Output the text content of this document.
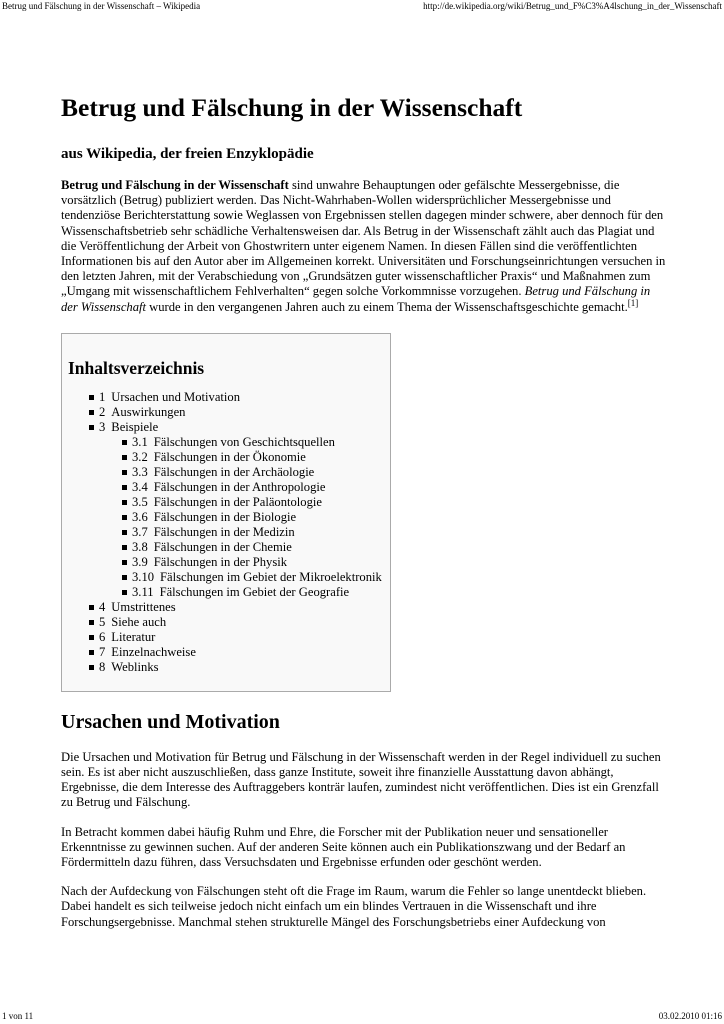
Betrug und Fälschung in der Wissenschaft – Wikipedia	http://de.wikipedia.org/wiki/Betrug_und_F%C3%A4lschung_in_der_Wissenschaft
Betrug und Fälschung in der Wissenschaft

aus Wikipedia, der freien Enzyklopädie

Betrug und Fälschung in der Wissenschaft sind unwahre Behauptungen oder gefälschte Messergebnisse, die vorsätzlich (Betrug) publiziert werden. Das Nicht-Wahrhaben-Wollen widersprüchlicher Messergebnisse und tendenziöse Berichterstattung sowie Weglassen von Ergebnissen stellen dagegen minder schwere, aber dennoch für den Wissenschaftsbetrieb sehr schädliche Verhaltensweisen dar. Als Betrug in der Wissenschaft zählt auch das Plagiat und die Veröffentlichung der Arbeit von Ghostwritern unter eigenem Namen. In diesen Fällen sind die veröffentlichten Informationen bis auf den Autor aber im Allgemeinen korrekt. Universitäten und Forschungseinrichtungen versuchen in den letzten Jahren, mit der Verabschiedung von „Grundsätzen guter wissenschaftlicher Praxis“ und Maßnahmen zum „Umgang mit wissenschaftlichem Fehlverhalten“ gegen solche Vorkommnisse vorzugehen. Betrug und Fälschung in der Wissenschaft wurde in den vergangenen Jahren auch zu einem Thema der Wissenschaftsgeschichte gemacht.[1]

Inhaltsverzeichnis
1 Ursachen und Motivation
2 Auswirkungen
3 Beispiele
3.1 Fälschungen von Geschichtsquellen
3.2 Fälschungen in der Ökonomie
3.3 Fälschungen in der Archäologie
3.4 Fälschungen in der Anthropologie
3.5 Fälschungen in der Paläontologie
3.6 Fälschungen in der Biologie
3.7 Fälschungen in der Medizin
3.8 Fälschungen in der Chemie
3.9 Fälschungen in der Physik
3.10 Fälschungen im Gebiet der Mikroelektronik
3.11 Fälschungen im Gebiet der Geografie
4 Umstrittenes
5 Siehe auch
6 Literatur
7 Einzelnachweise
8 Weblinks
Ursachen und Motivation

Die Ursachen und Motivation für Betrug und Fälschung in der Wissenschaft werden in der Regel individuell zu suchen sein. Es ist aber nicht auszuschließen, dass ganze Institute, soweit ihre finanzielle Ausstattung davon abhängt, Ergebnisse, die dem Interesse des Auftraggebers konträr laufen, zumindest nicht veröffentlichen. Dies ist ein Grenzfall zu Betrug und Fälschung.

In Betracht kommen dabei häufig Ruhm und Ehre, die Forscher mit der Publikation neuer und sensationeller Erkenntnisse zu gewinnen suchen. Auf der anderen Seite können auch ein Publikationszwang und der Bedarf an Fördermitteln dazu führen, dass Versuchsdaten und Ergebnisse erfunden oder geschönt werden.

Nach der Aufdeckung von Fälschungen steht oft die Frage im Raum, warum die Fehler so lange unentdeckt blieben. Dabei handelt es sich teilweise jedoch nicht einfach um ein blindes Vertrauen in die Wissenschaft und ihre Forschungsergebnisse. Manchmal stehen strukturelle Mängel des Forschungsbetriebs einer Aufdeckung von

1 von 11	03.02.2010 01:16
